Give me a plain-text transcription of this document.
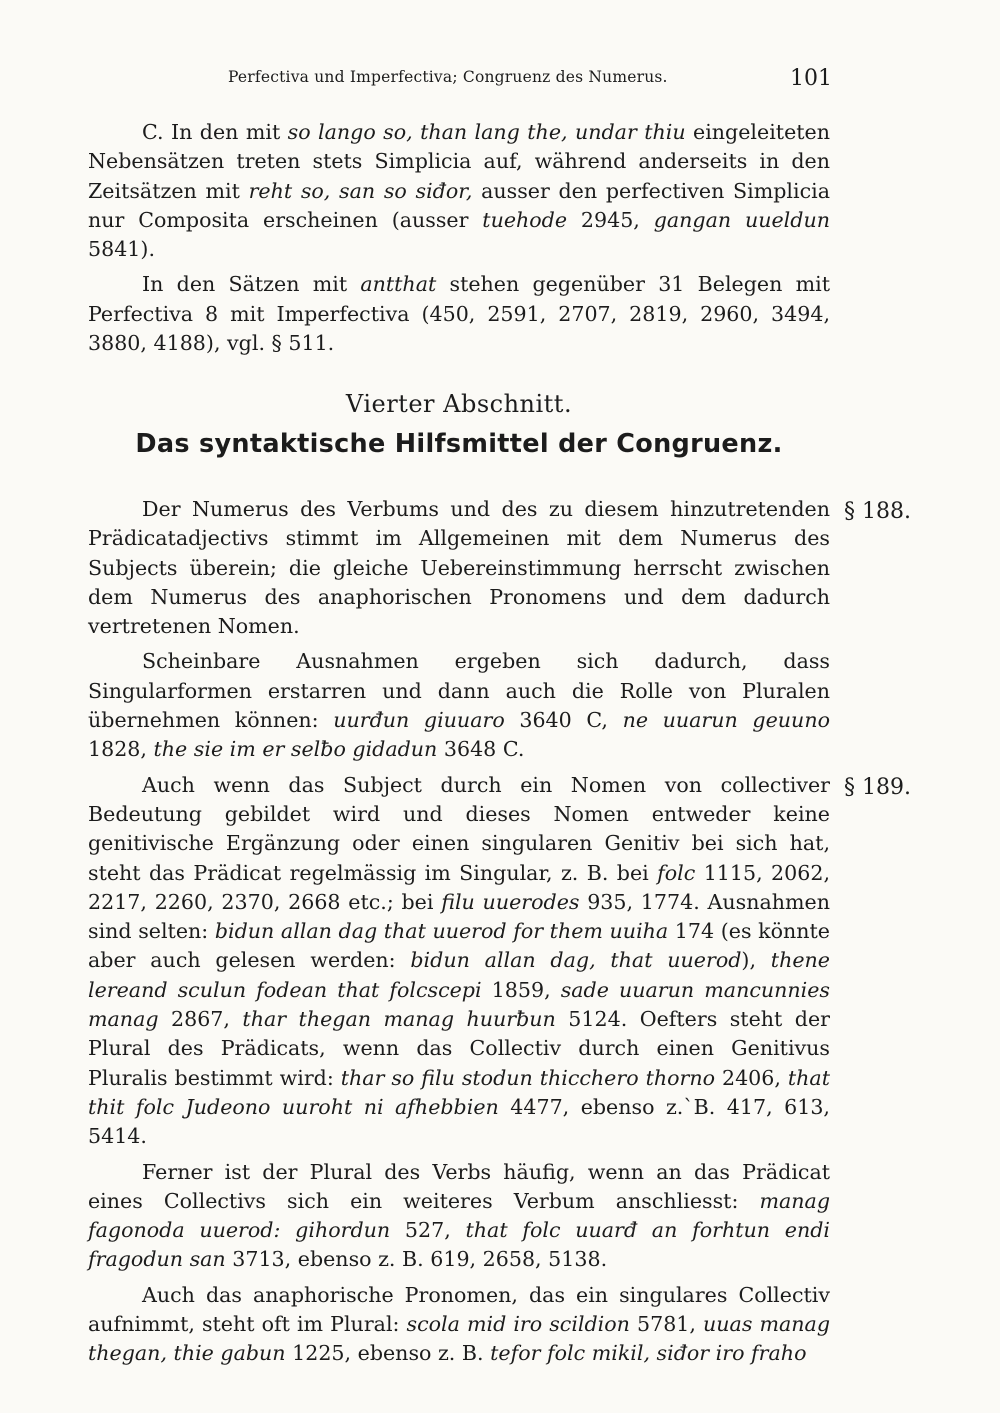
Perfectiva und Imperfectiva; Congruenz des Numerus.	101

C. In den mit so lango so, than lang the, undar thiu eingeleiteten Nebensätzen treten stets Simplicia auf, während anderseits in den Zeitsätzen mit reht so, san so siđor, ausser den perfectiven Simplicia nur Composita erscheinen (ausser tuehode 2945, gangan uueldun 5841).

In den Sätzen mit antthat stehen gegenüber 31 Belegen mit Perfectiva 8 mit Imperfectiva (450, 2591, 2707, 2819, 2960, 3494, 3880, 4188), vgl. § 511.

Vierter Abschnitt.
Das syntaktische Hilfsmittel der Congruenz.
§ 188.

Der Numerus des Verbums und des zu diesem hinzutretenden Prädicatadjectivs stimmt im Allgemeinen mit dem Numerus des Subjects überein; die gleiche Uebereinstimmung herrscht zwischen dem Numerus des anaphorischen Pronomens und dem dadurch vertretenen Nomen.

Scheinbare Ausnahmen ergeben sich dadurch, dass Singularformen erstarren und dann auch die Rolle von Pluralen übernehmen können: uurđun giuuaro 3640 C, ne uuarun geuuno 1828, the sie im er selƀo gidadun 3648 C.

§ 189.

Auch wenn das Subject durch ein Nomen von collectiver Bedeutung gebildet wird und dieses Nomen entweder keine genitivische Ergänzung oder einen singularen Genitiv bei sich hat, steht das Prädicat regelmässig im Singular, z. B. bei folc 1115, 2062, 2217, 2260, 2370, 2668 etc.; bei filu uuerodes 935, 1774. Ausnahmen sind selten: bidun allan dag that uuerod for them uuiha 174 (es könnte aber auch gelesen werden: bidun allan dag, that uuerod), thene lereand sculun fodean that folcscepi 1859, sade uuarun mancunnies manag 2867, thar thegan manag huurƀun 5124. Oefters steht der Plural des Prädicats, wenn das Collectiv durch einen Genitivus Pluralis bestimmt wird: thar so filu stodun thicchero thorno 2406, that thit folc Judeono uuroht ni afhebbien 4477, ebenso z.`B. 417, 613, 5414.

Ferner ist der Plural des Verbs häufig, wenn an das Prädicat eines Collectivs sich ein weiteres Verbum anschliesst: manag fagonoda uuerod: gihordun 527, that folc uuarđ an forhtun endi fragodun san 3713, ebenso z. B. 619, 2658, 5138.

Auch das anaphorische Pronomen, das ein singulares Collectiv aufnimmt, steht oft im Plural: scola mid iro scildion 5781, uuas manag thegan, thie gabun 1225, ebenso z. B. tefor folc mikil, siđor iro fraho
